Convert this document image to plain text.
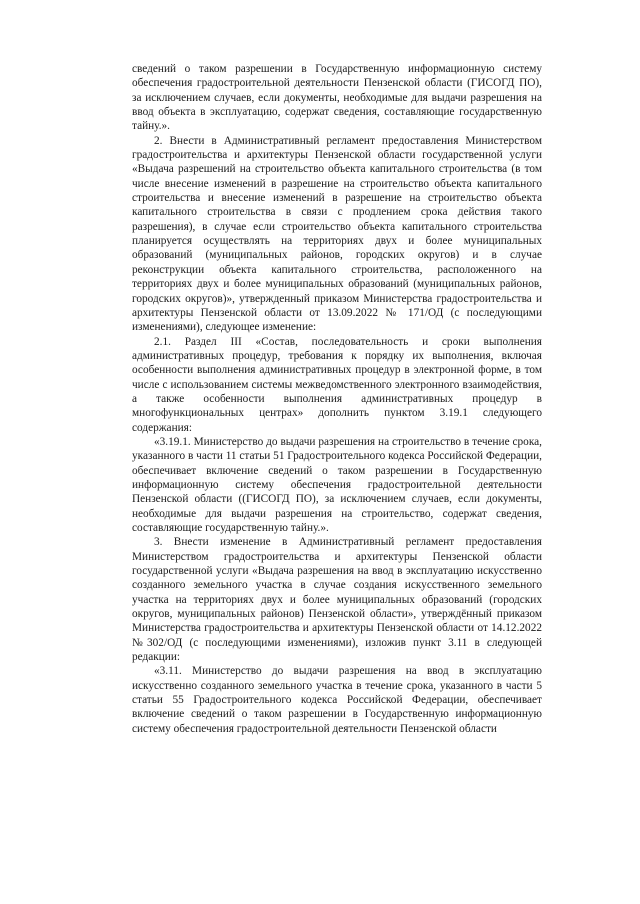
сведений о таком разрешении в Государственную информационную систему обеспечения градостроительной деятельности Пензенской области (ГИСОГД ПО), за исключением случаев, если документы, необходимые для выдачи разрешения на ввод объекта в эксплуатацию, содержат сведения, составляющие государственную тайну.».

2. Внести в Административный регламент предоставления Министерством градостроительства и архитектуры Пензенской области государственной услуги «Выдача разрешений на строительство объекта капитального строительства (в том числе внесение изменений в разрешение на строительство объекта капитального строительства и внесение изменений в разрешение на строительство объекта капитального строительства в связи с продлением срока действия такого разрешения), в случае если строительство объекта капитального строительства планируется осуществлять на территориях двух и более муниципальных образований (муниципальных районов, городских округов) и в случае реконструкции объекта капитального строительства, расположенного на территориях двух и более муниципальных образований (муниципальных районов, городских округов)», утвержденный приказом Министерства градостроительства и архитектуры Пензенской области от 13.09.2022 № 171/ОД (с последующими изменениями), следующее изменение:

2.1. Раздел III «Состав, последовательность и сроки выполнения административных процедур, требования к порядку их выполнения, включая особенности выполнения административных процедур в электронной форме, в том числе с использованием системы межведомственного электронного взаимодействия, а также особенности выполнения административных процедур в многофункциональных центрах» дополнить пунктом 3.19.1 следующего содержания:

«3.19.1. Министерство до выдачи разрешения на строительство в течение срока, указанного в части 11 статьи 51 Градостроительного кодекса Российской Федерации, обеспечивает включение сведений о таком разрешении в Государственную информационную систему обеспечения градостроительной деятельности Пензенской области ((ГИСОГД ПО), за исключением случаев, если документы, необходимые для выдачи разрешения на строительство, содержат сведения, составляющие государственную тайну.».

3. Внести изменение в Административный регламент предоставления Министерством градостроительства и архитектуры Пензенской области государственной услуги «Выдача разрешения на ввод в эксплуатацию искусственно созданного земельного участка в случае создания искусственного земельного участка на территориях двух и более муниципальных образований (городских округов, муниципальных районов) Пензенской области», утверждённый приказом Министерства градостроительства и архитектуры Пензенской области от 14.12.2022 №302/ОД (с последующими изменениями), изложив пункт 3.11 в следующей редакции:

«3.11. Министерство до выдачи разрешения на ввод в эксплуатацию искусственно созданного земельного участка в течение срока, указанного в части 5 статьи 55 Градостроительного кодекса Российской Федерации, обеспечивает включение сведений о таком разрешении в Государственную информационную систему обеспечения градостроительной деятельности Пензенской области
